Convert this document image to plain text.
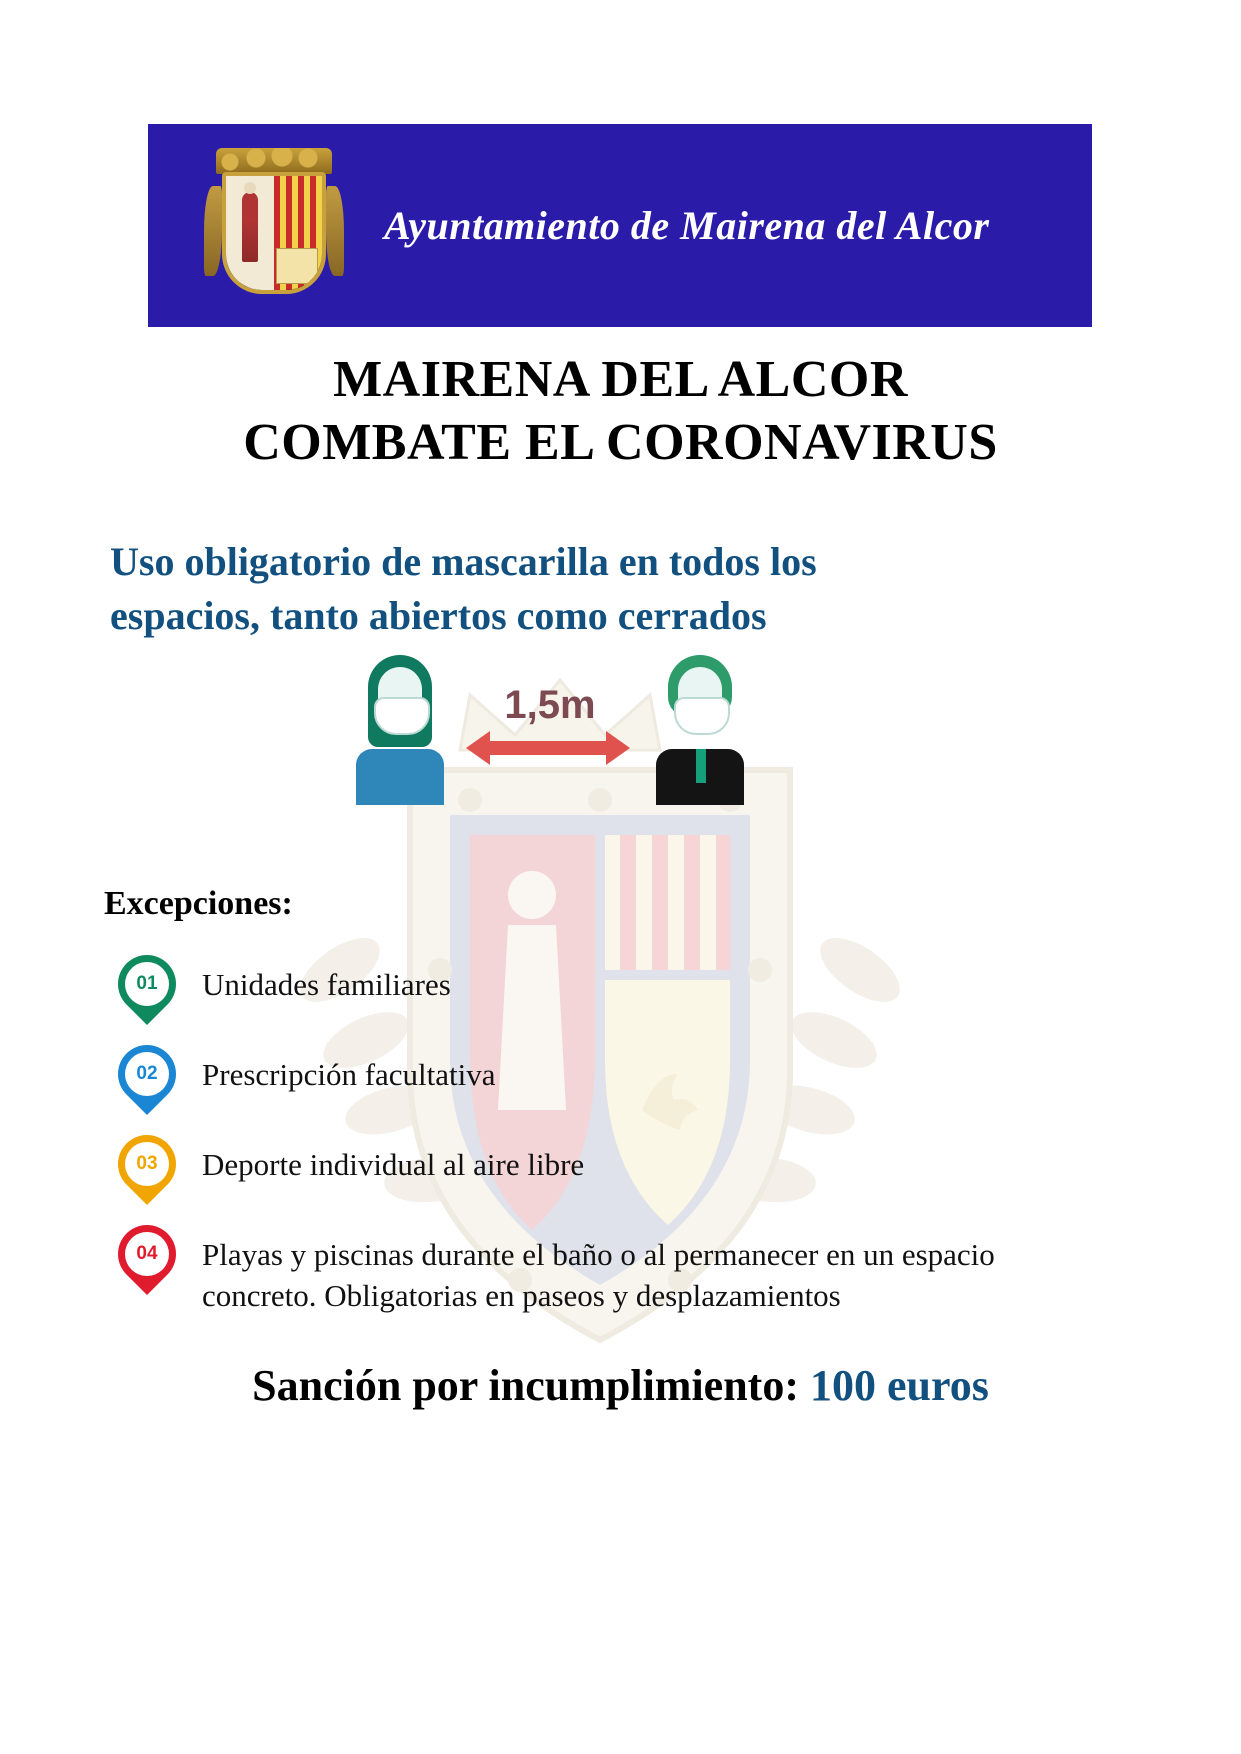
Ayuntamiento de Mairena del Alcor
MAIRENA DEL ALCOR
COMBATE EL CORONAVIRUS
Uso obligatorio de mascarilla en todos los espacios, tanto abiertos como cerrados
1,5m
Excepciones:
01	Unidades familiares
02	Prescripción facultativa
03	Deporte individual al aire libre
04	Playas y piscinas durante el baño o al permanecer en un espacio concreto. Obligatorias en paseos y desplazamientos
Sanción por incumplimiento: 100 euros
